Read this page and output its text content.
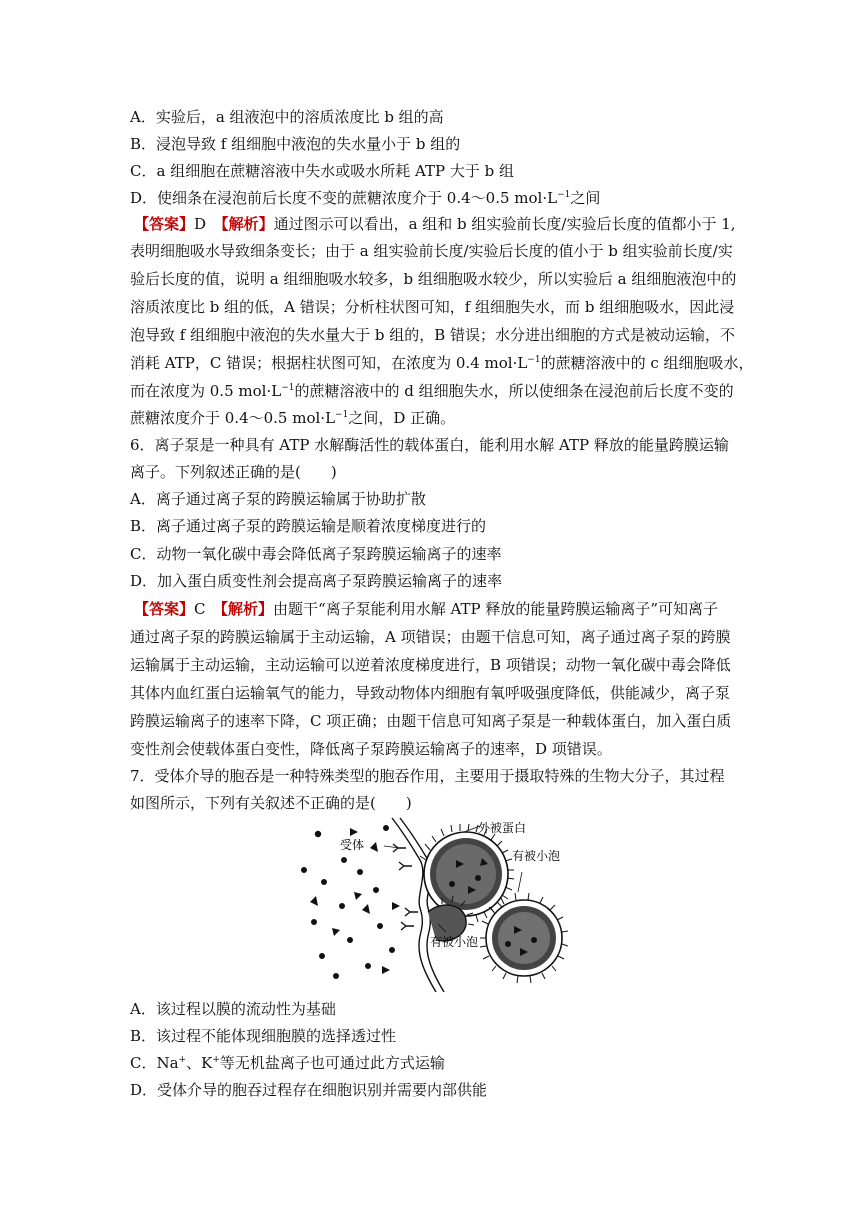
A．实验后，a 组液泡中的溶质浓度比 b 组的高
B．浸泡导致 f 组细胞中液泡的失水量小于 b 组的
C．a 组细胞在蔗糖溶液中失水或吸水所耗 ATP 大于 b 组
D．使细条在浸泡前后长度不变的蔗糖浓度介于 0.4～0.5 $mol\cdot L^{-1}$之间
【答案】D　 【解析】通过图示可以看出，a 组和 b 组实验前长度/实验后长度的值都小于 1,
表明细胞吸水导致细条变长；由于 a 组实验前长度/实验后长度的值小于 b 组实验前长度/实
验后长度的值，说明 a 组细胞吸水较多，b 组细胞吸水较少，所以实验后 a 组细胞液泡中的
溶质浓度比 b 组的低，A 错误；分析柱状图可知，f 组细胞失水，而 b 组细胞吸水，因此浸
泡导致 f 组细胞中液泡的失水量大于 b 组的，B 错误；水分进出细胞的方式是被动运输，不
消耗 ATP，C 错误；根据柱状图可知，在浓度为 0.4 $mol\cdot L^{-1}$的蔗糖溶液中的 c 组细胞吸水，
而在浓度为 0.5 $mol\cdot L^{-1}$的蔗糖溶液中的 d 组细胞失水，所以使细条在浸泡前后长度不变的
蔗糖浓度介于 0.4～0.5 $mol\cdot L^{-1}$之间，D 正确。
6．离子泵是一种具有 ATP 水解酶活性的载体蛋白，能利用水解 ATP 释放的能量跨膜运输
离子。下列叙述正确的是(　　)
A．离子通过离子泵的跨膜运输属于协助扩散
B．离子通过离子泵的跨膜运输是顺着浓度梯度进行的
C．动物一氧化碳中毒会降低离子泵跨膜运输离子的速率
D．加入蛋白质变性剂会提高离子泵跨膜运输离子的速率
【答案】C　 【解析】由题干“离子泵能利用水解 ATP 释放的能量跨膜运输离子”可知离子
通过离子泵的跨膜运输属于主动运输，A 项错误；由题干信息可知，离子通过离子泵的跨膜
运输属于主动运输，主动运输可以逆着浓度梯度进行，B 项错误；动物一氧化碳中毒会降低
其体内血红蛋白运输氧气的能力，导致动物体内细胞有氧呼吸强度降低，供能减少，离子泵
跨膜运输离子的速率下降，C 项正确；由题干信息可知离子泵是一种载体蛋白，加入蛋白质
变性剂会使载体蛋白变性，降低离子泵跨膜运输离子的速率，D 项错误。
7．受体介导的胞吞是一种特殊类型的胞吞作用，主要用于摄取特殊的生物大分子，其过程
如图所示，下列有关叙述不正确的是(　　)
受体
外被蛋白
有被小泡
有被小泡
A．该过程以膜的流动性为基础
B．该过程不能体现细胞膜的选择透过性
C．Na+、K+等无机盐离子也可通过此方式运输
D．受体介导的胞吞过程存在细胞识别并需要内部供能
